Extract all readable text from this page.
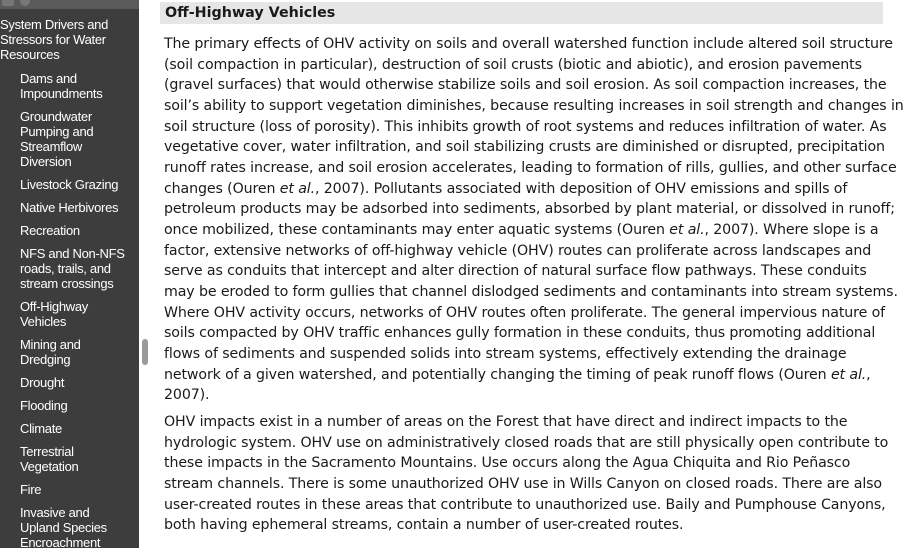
System Drivers and
Stressors for Water
Resources
Dams and
Impoundments
Groundwater
Pumping and
Streamflow
Diversion
Livestock Grazing
Native Herbivores
Recreation
NFS and Non-NFS
roads, trails, and
stream crossings
Off-Highway
Vehicles
Mining and
Dredging
Drought
Flooding
Climate
Terrestrial
Vegetation
Fire
Invasive and
Upland Species
Encroachment
Off-Highway Vehicles

The primary effects of OHV activity on soils and overall watershed function include altered soil structure
(soil compaction in particular), destruction of soil crusts (biotic and abiotic), and erosion pavements
(gravel surfaces) that would otherwise stabilize soils and soil erosion. As soil compaction increases, the
soil’s ability to support vegetation diminishes, because resulting increases in soil strength and changes in
soil structure (loss of porosity). This inhibits growth of root systems and reduces infiltration of water. As
vegetative cover, water infiltration, and soil stabilizing crusts are diminished or disrupted, precipitation
runoff rates increase, and soil erosion accelerates, leading to formation of rills, gullies, and other surface
changes (Ouren et al., 2007). Pollutants associated with deposition of OHV emissions and spills of
petroleum products may be adsorbed into sediments, absorbed by plant material, or dissolved in runoff;
once mobilized, these contaminants may enter aquatic systems (Ouren et al., 2007). Where slope is a
factor, extensive networks of off-highway vehicle (OHV) routes can proliferate across landscapes and
serve as conduits that intercept and alter direction of natural surface flow pathways. These conduits
may be eroded to form gullies that channel dislodged sediments and contaminants into stream systems.
Where OHV activity occurs, networks of OHV routes often proliferate. The general impervious nature of
soils compacted by OHV traffic enhances gully formation in these conduits, thus promoting additional
flows of sediments and suspended solids into stream systems, effectively extending the drainage
network of a given watershed, and potentially changing the timing of peak runoff flows (Ouren et al.,
2007).

OHV impacts exist in a number of areas on the Forest that have direct and indirect impacts to the
hydrologic system. OHV use on administratively closed roads that are still physically open contribute to
these impacts in the Sacramento Mountains. Use occurs along the Agua Chiquita and Rio Peñasco
stream channels. There is some unauthorized OHV use in Wills Canyon on closed roads. There are also
user-created routes in these areas that contribute to unauthorized use. Baily and Pumphouse Canyons,
both having ephemeral streams, contain a number of user-created routes.
